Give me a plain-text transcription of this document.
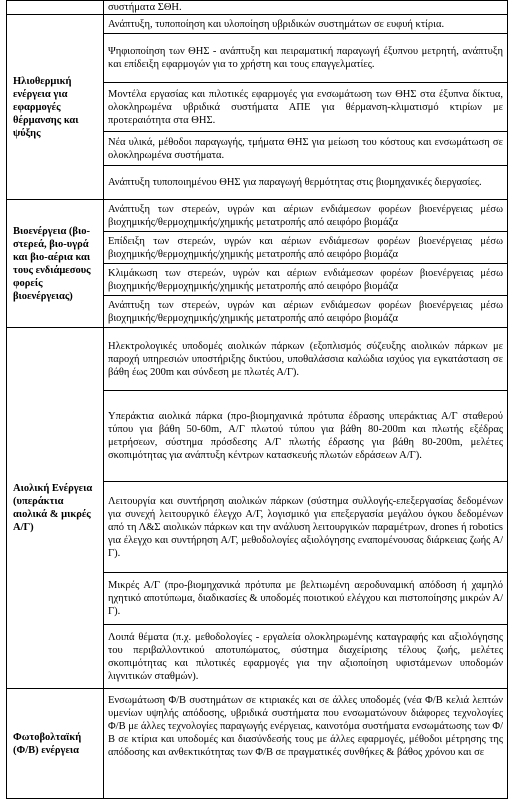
	συστήματα ΣΘΗ.
Ηλιοθερμική ενέργεια για εφαρμογές θέρμανσης και ψύξης	Ανάπτυξη, τυποποίηση και υλοποίηση υβριδικών συστημάτων σε ευφυή κτίρια.
	Ψηφιοποίηση των ΘΗΣ - ανάπτυξη και πειραματική παραγωγή έξυπνου μετρητή, ανάπτυξη και επίδειξη εφαρμογών για το χρήστη και τους επαγγελματίες.
	Μοντέλα εργασίας και πιλοτικές εφαρμογές για ενσωμάτωση των ΘΗΣ στα έξυπνα δίκτυα, ολοκληρωμένα υβριδικά συστήματα ΑΠΕ για θέρμανση-κλιματισμό κτιρίων με προτεραιότητα στα ΘΗΣ.
	Νέα υλικά, μέθοδοι παραγωγής, τμήματα ΘΗΣ για μείωση του κόστους και ενσωμάτωση σε ολοκληρωμένα συστήματα.
	Ανάπτυξη τυποποιημένου ΘΗΣ για παραγωγή θερμότητας στις βιομηχανικές διεργασίες.
Βιοενέργεια (βιο-στερεά, βιο-υγρά και βιο-αέρια και τους ενδιάμεσους φορείς βιοενέργειας)	Ανάπτυξη των στερεών, υγρών και αέριων ενδιάμεσων φορέων βιοενέργειας μέσω βιοχημικής/θερμοχημικής/χημικής μετατροπής από αειφόρο βιομάζα
	Επίδειξη των στερεών, υγρών και αέριων ενδιάμεσων φορέων βιοενέργειας μέσω βιοχημικής/θερμοχημικής/χημικής μετατροπής από αειφόρο βιομάζα
	Κλιμάκωση των στερεών, υγρών και αέριων ενδιάμεσων φορέων βιοενέργειας μέσω βιοχημικής/θερμοχημικής/χημικής μετατροπής από αειφόρο βιομάζα
	Ανάπτυξη των στερεών, υγρών και αέριων ενδιάμεσων φορέων βιοενέργειας μέσω βιοχημικής/θερμοχημικής/χημικής μετατροπής από αειφόρο βιομάζα
Αιολική Ενέργεια (υπεράκτια αιολικά & μικρές Α/Γ)	Ηλεκτρολογικές υποδομές αιολικών πάρκων (εξοπλισμός σύζευξης αιολικών πάρκων με παροχή υπηρεσιών υποστήριξης δικτύου, υποθαλάσσια καλώδια ισχύος για εγκατάσταση σε βάθη έως 200m και σύνδεση με πλωτές Α/Γ).
	Υπεράκτια αιολικά πάρκα (προ-βιομηχανικά πρότυπα έδρασης υπεράκτιας Α/Γ σταθερού τύπου για βάθη 50-60m, Α/Γ πλωτού τύπου για βάθη 80-200m και πλωτής εξέδρας μετρήσεων, σύστημα πρόσδεσης Α/Γ πλωτής έδρασης για βάθη 80-200m, μελέτες σκοπιμότητας για ανάπτυξη κέντρων κατασκευής πλωτών εδράσεων Α/Γ).
	Λειτουργία και συντήρηση αιολικών πάρκων (σύστημα συλλογής-επεξεργασίας δεδομένων για συνεχή λειτουργικό έλεγχο Α/Γ, λογισμικό για επεξεργασία μεγάλου όγκου δεδομένων από τη Λ&Σ αιολικών πάρκων και την ανάλυση λειτουργικών παραμέτρων, drones ή robotics για έλεγχο και συντήρηση Α/Γ, μεθοδολογίες αξιολόγησης εναπομένουσας διάρκειας ζωής Α/Γ).
	Μικρές Α/Γ (προ-βιομηχανικά πρότυπα με βελτιωμένη αεροδυναμική απόδοση ή χαμηλό ηχητικό αποτύπωμα, διαδικασίες & υποδομές ποιοτικού ελέγχου και πιστοποίησης μικρών Α/Γ).
	Λοιπά θέματα (π.χ. μεθοδολογίες - εργαλεία ολοκληρωμένης καταγραφής και αξιολόγησης του περιβαλλοντικού αποτυπώματος, σύστημα διαχείρισης τέλους ζωής, μελέτες σκοπιμότητας και πιλοτικές εφαρμογές για την αξιοποίηση υφιστάμενων υποδομών λιγνιτικών σταθμών).
Φωτοβολταϊκή (Φ/Β) ενέργεια	Ενσωμάτωση Φ/Β συστημάτων σε κτιριακές και σε άλλες υποδομές (νέα Φ/Β κελιά λεπτών υμενίων υψηλής απόδοσης, υβριδικά συστήματα που ενσωματώνουν διάφορες τεχνολογίες Φ/Β με άλλες τεχνολογίες παραγωγής ενέργειας, καινοτόμα συστήματα ενσωμάτωσης των Φ/Β σε κτίρια και υποδομές και διασύνδεσής τους με άλλες εφαρμογές, μέθοδοι μέτρησης της απόδοσης και ανθεκτικότητας των Φ/Β σε πραγματικές συνθήκες & βάθος χρόνου και σε
